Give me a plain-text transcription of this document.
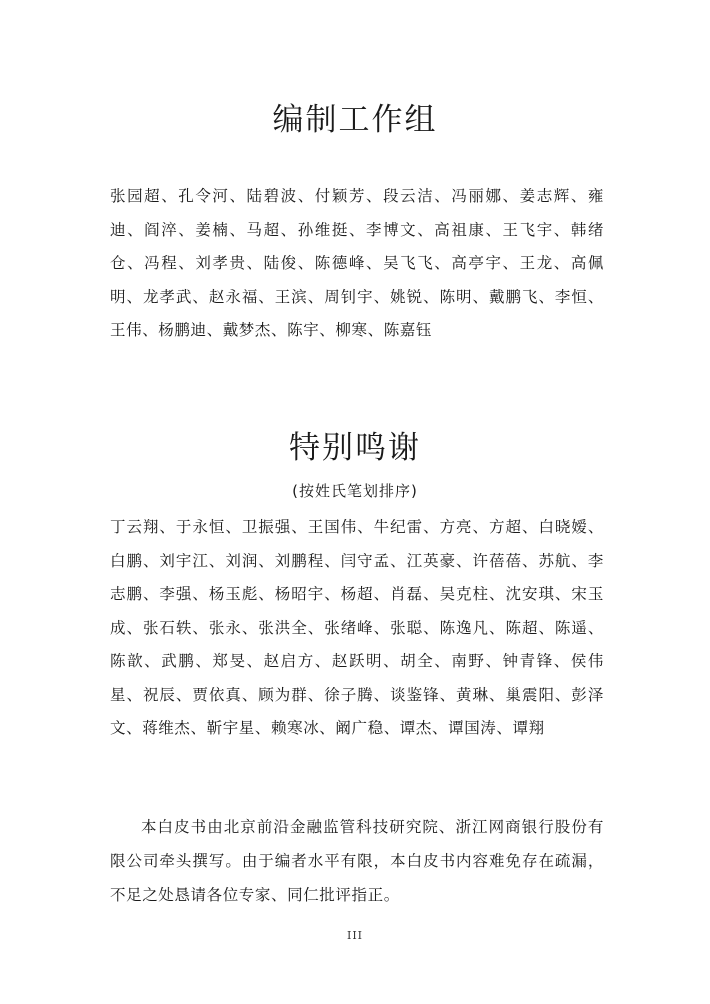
编制工作组

张园超、孔令河、陆碧波、付颖芳、段云洁、冯丽娜、姜志辉、雍迪、阎淬、姜楠、马超、孙维挺、李博文、高祖康、王飞宇、韩绪仓、冯程、刘孝贵、陆俊、陈德峰、吴飞飞、高亭宇、王龙、高佩明、龙孝武、赵永福、王滨、周钊宇、姚锐、陈明、戴鹏飞、李恒、王伟、杨鹏迪、戴梦杰、陈宇、柳寒、陈嘉钰

特别鸣谢
(按姓氏笔划排序)

丁云翔、于永恒、卫振强、王国伟、牛纪雷、方亮、方超、白晓嫒、白鹏、刘宇江、刘润、刘鹏程、闫守孟、江英豪、许蓓蓓、苏航、李志鹏、李强、杨玉彪、杨昭宇、杨超、肖磊、吴克柱、沈安琪、宋玉成、张石轶、张永、张洪全、张绪峰、张聪、陈逸凡、陈超、陈遥、陈歆、武鹏、郑旻、赵启方、赵跃明、胡全、南野、钟青锋、侯伟星、祝辰、贾依真、顾为群、徐子腾、谈鉴锋、黄琳、巢震阳、彭泽文、蒋维杰、靳宇星、赖寒冰、阚广稳、谭杰、谭国涛、谭翔

本白皮书由北京前沿金融监管科技研究院、浙江网商银行股份有限公司牵头撰写。由于编者水平有限，本白皮书内容难免存在疏漏，不足之处恳请各位专家、同仁批评指正。

III
